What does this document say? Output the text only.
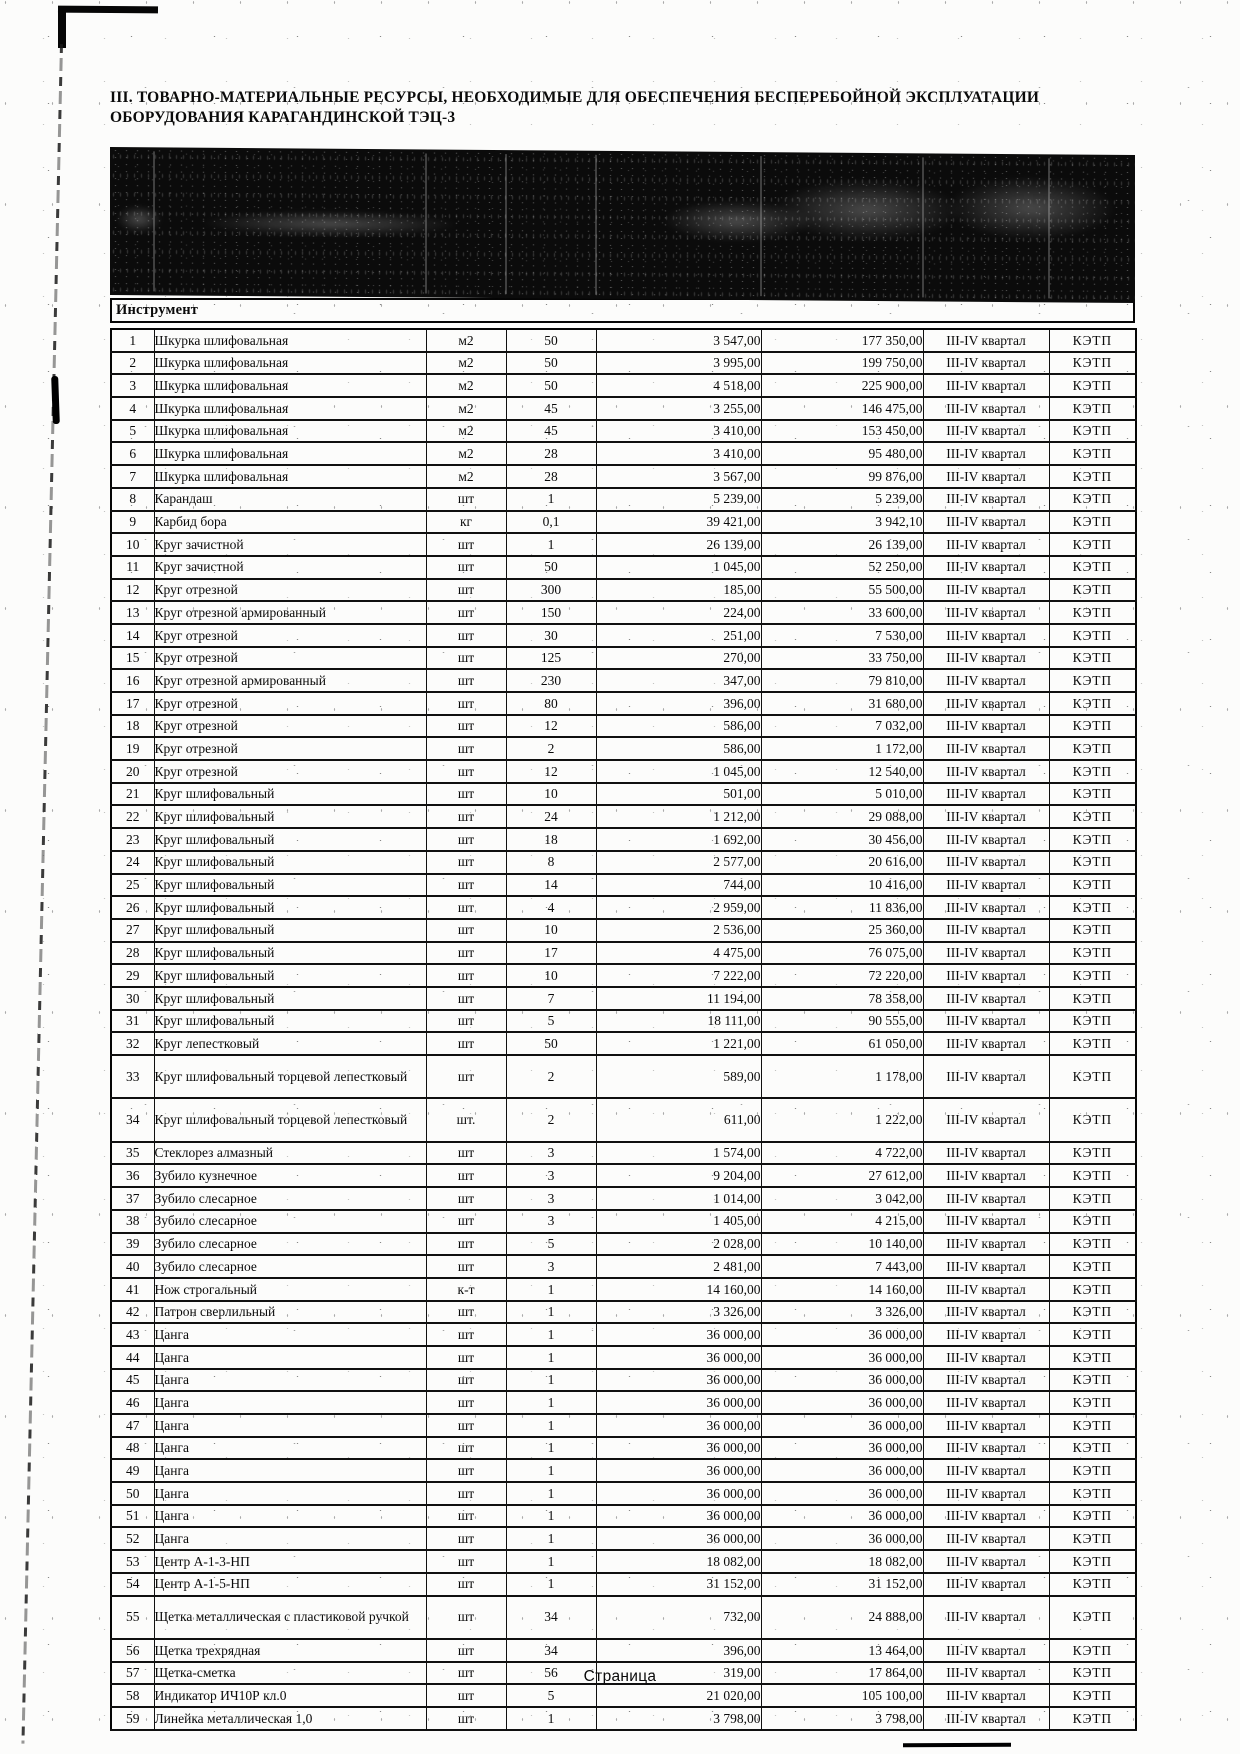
III. ТОВАРНО-МАТЕРИАЛЬНЫЕ РЕСУРСЫ, НЕОБХОДИМЫЕ ДЛЯ ОБЕСПЕЧЕНИЯ БЕСПЕРЕБОЙНОЙ ЭКСПЛУАТАЦИИ
ОБОРУДОВАНИЯ КАРАГАНДИНСКОЙ ТЭЦ-3
Инструмент
1	Шкурка шлифовальная	м2	50	3 547,00	177 350,00	III-IV квартал	КЭТП
2	Шкурка шлифовальная	м2	50	3 995,00	199 750,00	III-IV квартал	КЭТП
3	Шкурка шлифовальная	м2	50	4 518,00	225 900,00	III-IV квартал	КЭТП
4	Шкурка шлифовальная	м2	45	3 255,00	146 475,00	III-IV квартал	КЭТП
5	Шкурка шлифовальная	м2	45	3 410,00	153 450,00	III-IV квартал	КЭТП
6	Шкурка шлифовальная	м2	28	3 410,00	95 480,00	III-IV квартал	КЭТП
7	Шкурка шлифовальная	м2	28	3 567,00	99 876,00	III-IV квартал	КЭТП
8	Карандаш	шт	1	5 239,00	5 239,00	III-IV квартал	КЭТП
9	Карбид бора	кг	0,1	39 421,00	3 942,10	III-IV квартал	КЭТП
10	Круг зачистной	шт	1	26 139,00	26 139,00	III-IV квартал	КЭТП
11	Круг зачистной	шт	50	1 045,00	52 250,00	III-IV квартал	КЭТП
12	Круг отрезной	шт	300	185,00	55 500,00	III-IV квартал	КЭТП
13	Круг отрезной армированный	шт	150	224,00	33 600,00	III-IV квартал	КЭТП
14	Круг отрезной	шт	30	251,00	7 530,00	III-IV квартал	КЭТП
15	Круг отрезной	шт	125	270,00	33 750,00	III-IV квартал	КЭТП
16	Круг отрезной армированный	шт	230	347,00	79 810,00	III-IV квартал	КЭТП
17	Круг отрезной	шт	80	396,00	31 680,00	III-IV квартал	КЭТП
18	Круг отрезной	шт	12	586,00	7 032,00	III-IV квартал	КЭТП
19	Круг отрезной	шт	2	586,00	1 172,00	III-IV квартал	КЭТП
20	Круг отрезной	шт	12	1 045,00	12 540,00	III-IV квартал	КЭТП
21	Круг шлифовальный	шт	10	501,00	5 010,00	III-IV квартал	КЭТП
22	Круг шлифовальный	шт	24	1 212,00	29 088,00	III-IV квартал	КЭТП
23	Круг шлифовальный	шт	18	1 692,00	30 456,00	III-IV квартал	КЭТП
24	Круг шлифовальный	шт	8	2 577,00	20 616,00	III-IV квартал	КЭТП
25	Круг шлифовальный	шт	14	744,00	10 416,00	III-IV квартал	КЭТП
26	Круг шлифовальный	шт	4	2 959,00	11 836,00	III-IV квартал	КЭТП
27	Круг шлифовальный	шт	10	2 536,00	25 360,00	III-IV квартал	КЭТП
28	Круг шлифовальный	шт	17	4 475,00	76 075,00	III-IV квартал	КЭТП
29	Круг шлифовальный	шт	10	7 222,00	72 220,00	III-IV квартал	КЭТП
30	Круг шлифовальный	шт	7	11 194,00	78 358,00	III-IV квартал	КЭТП
31	Круг шлифовальный	шт	5	18 111,00	90 555,00	III-IV квартал	КЭТП
32	Круг лепестковый	шт	50	1 221,00	61 050,00	III-IV квартал	КЭТП
33	Круг шлифовальный торцевой лепестковый	шт	2	589,00	1 178,00	III-IV квартал	КЭТП
34	Круг шлифовальный торцевой лепестковый	шт.	2	611,00	1 222,00	III-IV квартал	КЭТП
35	Стеклорез алмазный	шт	3	1 574,00	4 722,00	III-IV квартал	КЭТП
36	Зубило кузнечное	шт	3	9 204,00	27 612,00	III-IV квартал	КЭТП
37	Зубило слесарное	шт	3	1 014,00	3 042,00	III-IV квартал	КЭТП
38	Зубило слесарное	шт	3	1 405,00	4 215,00	III-IV квартал	КЭТП
39	Зубило слесарное	шт	5	2 028,00	10 140,00	III-IV квартал	КЭТП
40	Зубило слесарное	шт	3	2 481,00	7 443,00	III-IV квартал	КЭТП
41	Нож строгальный	к-т	1	14 160,00	14 160,00	III-IV квартал	КЭТП
42	Патрон сверлильный	шт	1	3 326,00	3 326,00	III-IV квартал	КЭТП
43	Цанга	шт	1	36 000,00	36 000,00	III-IV квартал	КЭТП
44	Цанга	шт	1	36 000,00	36 000,00	III-IV квартал	КЭТП
45	Цанга	шт	1	36 000,00	36 000,00	III-IV квартал	КЭТП
46	Цанга	шт	1	36 000,00	36 000,00	III-IV квартал	КЭТП
47	Цанга	шт	1	36 000,00	36 000,00	III-IV квартал	КЭТП
48	Цанга	шт	1	36 000,00	36 000,00	III-IV квартал	КЭТП
49	Цанга	шт	1	36 000,00	36 000,00	III-IV квартал	КЭТП
50	Цанга	шт	1	36 000,00	36 000,00	III-IV квартал	КЭТП
51	Цанга	шт	1	36 000,00	36 000,00	III-IV квартал	КЭТП
52	Цанга	шт	1	36 000,00	36 000,00	III-IV квартал	КЭТП
53	Центр А-1-3-НП	шт	1	18 082,00	18 082,00	III-IV квартал	КЭТП
54	Центр А-1-5-НП	шт	1	31 152,00	31 152,00	III-IV квартал	КЭТП
55	Щетка металлическая с пластиковой ручкой	шт	34	732,00	24 888,00	III-IV квартал	КЭТП
56	Щетка трехрядная	шт	34	396,00	13 464,00	III-IV квартал	КЭТП
57	Щетка-сметка	шт	56	319,00	17 864,00	III-IV квартал	КЭТП
58	Индикатор ИЧ10Р кл.0	шт	5	21 020,00	105 100,00	III-IV квартал	КЭТП
59	Линейка металлическая 1,0	шт	1	3 798,00	3 798,00	III-IV квартал	КЭТП
Страница
